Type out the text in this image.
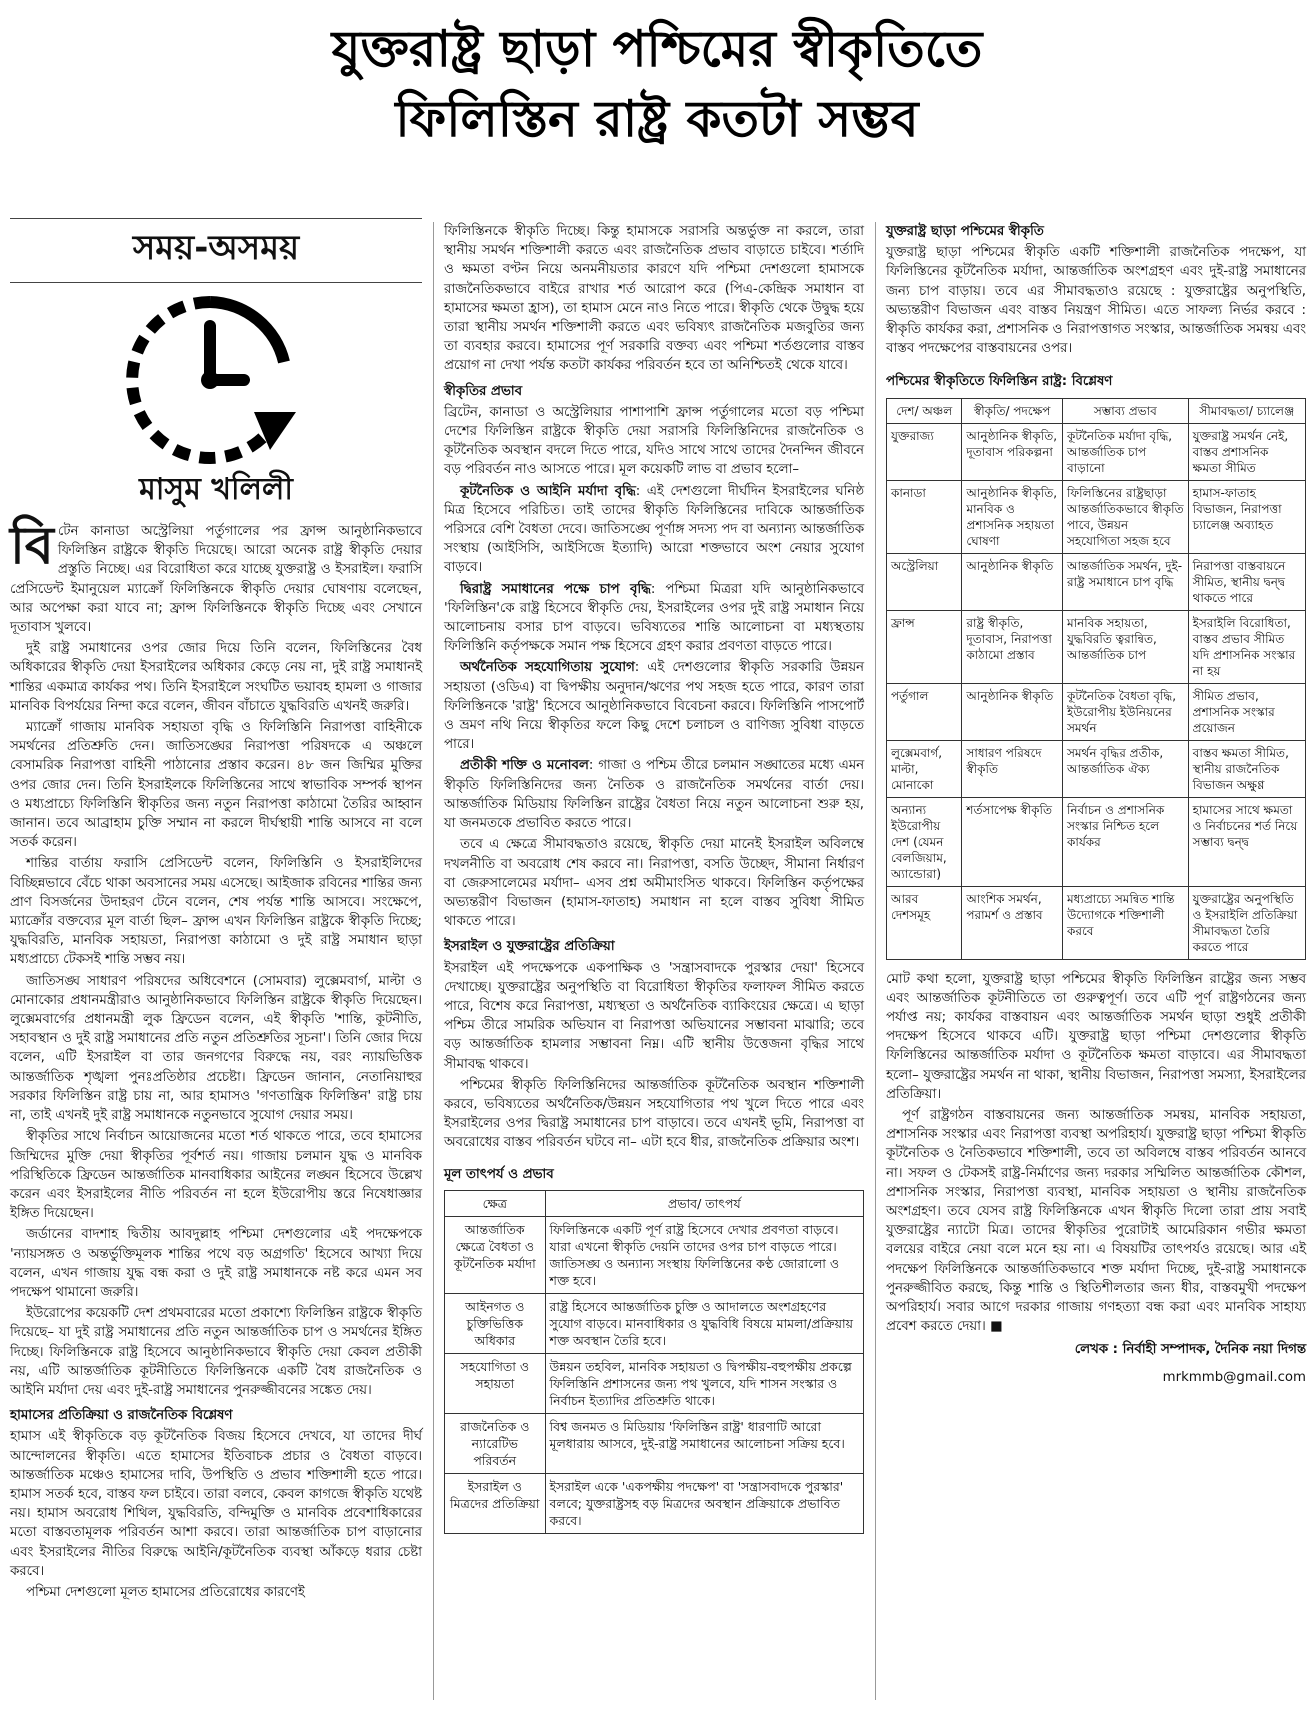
যুক্তরাষ্ট্র ছাড়া পশ্চিমের স্বীকৃতিতে
ফিলিস্তিন রাষ্ট্র কতটা সম্ভব
সময়-অসময়
মাসুম খলিলী

বিটেন কানাডা অস্ট্রেলিয়া পর্তুগালের পর ফ্রান্স আনুষ্ঠানিকভাবে ফিলিস্তিন রাষ্ট্রকে স্বীকৃতি দিয়েছে। আরো অনেক রাষ্ট্র স্বীকৃতি দেয়ার প্রস্তুতি নিচ্ছে। এর বিরোধিতা করে যাচ্ছে যুক্তরাষ্ট্র ও ইসরাইল। ফরাসি প্রেসিডেন্ট ইমানুয়েল ম্যাক্রোঁ ফিলিস্তিনকে স্বীকৃতি দেয়ার ঘোষণায় বলেছেন, আর অপেক্ষা করা যাবে না; ফ্রান্স ফিলিস্তিনকে স্বীকৃতি দিচ্ছে এবং সেখানে দূতাবাস খুলবে।

দুই রাষ্ট্র সমাধানের ওপর জোর দিয়ে তিনি বলেন, ফিলিস্তিনের বৈধ অধিকারের স্বীকৃতি দেয়া ইসরাইলের অধিকার কেড়ে নেয় না, দুই রাষ্ট্র সমাধানই শান্তির একমাত্র কার্যকর পথ। তিনি ইসরাইলে সংঘটিত ভয়াবহ হামলা ও গাজার মানবিক বিপর্যয়ের নিন্দা করে বলেন, জীবন বাঁচাতে যুদ্ধবিরতি এখনই জরুরি।

ম্যাক্রোঁ গাজায় মানবিক সহায়তা বৃদ্ধি ও ফিলিস্তিনি নিরাপত্তা বাহিনীকে সমর্থনের প্রতিশ্রুতি দেন। জাতিসঙ্ঘের নিরাপত্তা পরিষদকে এ অঞ্চলে বেসামরিক নিরাপত্তা বাহিনী পাঠানোর প্রস্তাব করেন। ৪৮ জন জিম্মির মুক্তির ওপর জোর দেন। তিনি ইসরাইলকে ফিলিস্তিনের সাথে স্বাভাবিক সম্পর্ক স্থাপন ও মধ্যপ্রাচ্যে ফিলিস্তিনি স্বীকৃতির জন্য নতুন নিরাপত্তা কাঠামো তৈরির আহ্বান জানান। তবে আব্রাহাম চুক্তি সম্মান না করলে দীর্ঘস্থায়ী শান্তি আসবে না বলে সতর্ক করেন।

শান্তির বার্তায় ফরাসি প্রেসিডেন্ট বলেন, ফিলিস্তিনি ও ইসরাইলিদের বিচ্ছিন্নভাবে বেঁচে থাকা অবসানের সময় এসেছে। আইজাক রবিনের শান্তির জন্য প্রাণ বিসর্জনের উদাহরণ টেনে বলেন, শেষ পর্যন্ত শান্তি আসবে। সংক্ষেপে, ম্যাক্রোঁর বক্তব্যের মূল বার্তা ছিল– ফ্রান্স এখন ফিলিস্তিন রাষ্ট্রকে স্বীকৃতি দিচ্ছে; যুদ্ধবিরতি, মানবিক সহায়তা, নিরাপত্তা কাঠামো ও দুই রাষ্ট্র সমাধান ছাড়া মধ্যপ্রাচ্যে টেকসই শান্তি সম্ভব নয়।

জাতিসঙ্ঘ সাধারণ পরিষদের অধিবেশনে (সোমবার) লুক্সেমবার্গ, মাল্টা ও মোনাকোর প্রধানমন্ত্রীরাও আনুষ্ঠানিকভাবে ফিলিস্তিন রাষ্ট্রকে স্বীকৃতি দিয়েছেন। লুক্সেমবার্গের প্রধানমন্ত্রী লুক ফ্রিডেন বলেন, এই স্বীকৃতি 'শান্তি, কূটনীতি, সহাবস্থান ও দুই রাষ্ট্র সমাধানের প্রতি নতুন প্রতিশ্রুতির সূচনা'। তিনি জোর দিয়ে বলেন, এটি ইসরাইল বা তার জনগণের বিরুদ্ধে নয়, বরং ন্যায়ভিত্তিক আন্তর্জাতিক শৃঙ্খলা পুনঃপ্রতিষ্ঠার প্রচেষ্টা। ফ্রিডেন জানান, নেতানিয়াহুর সরকার ফিলিস্তিন রাষ্ট্র চায় না, আর হামাসও 'গণতান্ত্রিক ফিলিস্তিন' রাষ্ট্র চায় না, তাই এখনই দুই রাষ্ট্র সমাধানকে নতুনভাবে সুযোগ দেয়ার সময়।

স্বীকৃতির সাথে নির্বাচন আয়োজনের মতো শর্ত থাকতে পারে, তবে হামাসের জিম্মিদের মুক্তি দেয়া স্বীকৃতির পূর্বশর্ত নয়। গাজায় চলমান যুদ্ধ ও মানবিক পরিস্থিতিকে ফ্রিডেন আন্তর্জাতিক মানবাধিকার আইনের লঙ্ঘন হিসেবে উল্লেখ করেন এবং ইসরাইলের নীতি পরিবর্তন না হলে ইউরোপীয় স্তরে নিষেধাজ্ঞার ইঙ্গিত দিয়েছেন।

জর্ডানের বাদশাহ দ্বিতীয় আবদুল্লাহ পশ্চিমা দেশগুলোর এই পদক্ষেপকে 'ন্যায়সঙ্গত ও অন্তর্ভুক্তিমূলক শান্তির পথে বড় অগ্রগতি' হিসেবে আখ্যা দিয়ে বলেন, এখন গাজায় যুদ্ধ বন্ধ করা ও দুই রাষ্ট্র সমাধানকে নষ্ট করে এমন সব পদক্ষেপ থামানো জরুরি।

ইউরোপের কয়েকটি দেশ প্রথমবারের মতো প্রকাশ্যে ফিলিস্তিন রাষ্ট্রকে স্বীকৃতি দিয়েছে– যা দুই রাষ্ট্র সমাধানের প্রতি নতুন আন্তর্জাতিক চাপ ও সমর্থনের ইঙ্গিত দিচ্ছে। ফিলিস্তিনকে রাষ্ট্র হিসেবে আনুষ্ঠানিকভাবে স্বীকৃতি দেয়া কেবল প্রতীকী নয়, এটি আন্তর্জাতিক কূটনীতিতে ফিলিস্তিনকে একটি বৈধ রাজনৈতিক ও আইনি মর্যাদা দেয় এবং দুই-রাষ্ট্র সমাধানের পুনরুজ্জীবনের সঙ্কেত দেয়।

হামাসের প্রতিক্রিয়া ও রাজনৈতিক বিশ্লেষণ

হামাস এই স্বীকৃতিকে বড় কূটনৈতিক বিজয় হিসেবে দেখবে, যা তাদের দীর্ঘ আন্দোলনের স্বীকৃতি। এতে হামাসের ইতিবাচক প্রচার ও বৈধতা বাড়বে। আন্তর্জাতিক মঞ্চেও হামাসের দাবি, উপস্থিতি ও প্রভাব শক্তিশালী হতে পারে। হামাস সতর্ক হবে, বাস্তব ফল চাইবে। তারা বলবে, কেবল কাগজে স্বীকৃতি যথেষ্ট নয়। হামাস অবরোধ শিথিল, যুদ্ধবিরতি, বন্দিমুক্তি ও মানবিক প্রবেশাধিকারের মতো বাস্তবতামূলক পরিবর্তন আশা করবে। তারা আন্তর্জাতিক চাপ বাড়ানোর এবং ইসরাইলের নীতির বিরুদ্ধে আইনি/কূটনৈতিক ব্যবস্থা আঁকড়ে ধরার চেষ্টা করবে।

পশ্চিমা দেশগুলো মূলত হামাসের প্রতিরোধের কারণেই

ফিলিস্তিনকে স্বীকৃতি দিচ্ছে। কিন্তু হামাসকে সরাসরি অন্তর্ভুক্ত না করলে, তারা স্থানীয় সমর্থন শক্তিশালী করতে এবং রাজনৈতিক প্রভাব বাড়াতে চাইবে। শর্তাদি ও ক্ষমতা বণ্টন নিয়ে অনমনীয়তার কারণে যদি পশ্চিমা দেশগুলো হামাসকে রাজনৈতিকভাবে বাইরে রাখার শর্ত আরোপ করে (পিএ-কেন্দ্রিক সমাধান বা হামাসের ক্ষমতা হ্রাস), তা হামাস মেনে নাও নিতে পারে। স্বীকৃতি থেকে উদ্বুদ্ধ হয়ে তারা স্থানীয় সমর্থন শক্তিশালী করতে এবং ভবিষ্যৎ রাজনৈতিক মজবুতির জন্য তা ব্যবহার করবে। হামাসের পূর্ণ সরকারি বক্তব্য এবং পশ্চিমা শর্তগুলোর বাস্তব প্রয়োগ না দেখা পর্যন্ত কতটা কার্যকর পরিবর্তন হবে তা অনিশ্চিতই থেকে যাবে।

স্বীকৃতির প্রভাব

ব্রিটেন, কানাডা ও অস্ট্রেলিয়ার পাশাপাশি ফ্রান্স পর্তুগালের মতো বড় পশ্চিমা দেশের ফিলিস্তিন রাষ্ট্রকে স্বীকৃতি দেয়া সরাসরি ফিলিস্তিনিদের রাজনৈতিক ও কূটনৈতিক অবস্থান বদলে দিতে পারে, যদিও সাথে সাথে তাদের দৈনন্দিন জীবনে বড় পরিবর্তন নাও আসতে পারে। মূল কয়েকটি লাভ বা প্রভাব হলো–

কূটনৈতিক ও আইনি মর্যাদা বৃদ্ধি: এই দেশগুলো দীর্ঘদিন ইসরাইলের ঘনিষ্ঠ মিত্র হিসেবে পরিচিত। তাই তাদের স্বীকৃতি ফিলিস্তিনের দাবিকে আন্তর্জাতিক পরিসরে বেশি বৈধতা দেবে। জাতিসঙ্ঘে পূর্ণাঙ্গ সদস্য পদ বা অন্যান্য আন্তর্জাতিক সংস্থায় (আইসিসি, আইসিজে ইত্যাদি) আরো শক্তভাবে অংশ নেয়ার সুযোগ বাড়বে।

দ্বিরাষ্ট্র সমাধানের পক্ষে চাপ বৃদ্ধি: পশ্চিমা মিত্ররা যদি আনুষ্ঠানিকভাবে 'ফিলিস্তিন'কে রাষ্ট্র হিসেবে স্বীকৃতি দেয়, ইসরাইলের ওপর দুই রাষ্ট্র সমাধান নিয়ে আলোচনায় বসার চাপ বাড়বে। ভবিষ্যতের শান্তি আলোচনা বা মধ্যস্থতায় ফিলিস্তিনি কর্তৃপক্ষকে সমান পক্ষ হিসেবে গ্রহণ করার প্রবণতা বাড়তে পারে।

অর্থনৈতিক সহযোগিতায় সুযোগ: এই দেশগুলোর স্বীকৃতি সরকারি উন্নয়ন সহায়তা (ওডিএ) বা দ্বিপক্ষীয় অনুদান/ঋণের পথ সহজ হতে পারে, কারণ তারা ফিলিস্তিনকে 'রাষ্ট্র' হিসেবে আনুষ্ঠানিকভাবে বিবেচনা করবে। ফিলিস্তিনি পাসপোর্ট ও ভ্রমণ নথি নিয়ে স্বীকৃতির ফলে কিছু দেশে চলাচল ও বাণিজ্য সুবিধা বাড়তে পারে।

প্রতীকী শক্তি ও মনোবল: গাজা ও পশ্চিম তীরে চলমান সঙ্ঘাতের মধ্যে এমন স্বীকৃতি ফিলিস্তিনিদের জন্য নৈতিক ও রাজনৈতিক সমর্থনের বার্তা দেয়। আন্তর্জাতিক মিডিয়ায় ফিলিস্তিন রাষ্ট্রের বৈধতা নিয়ে নতুন আলোচনা শুরু হয়, যা জনমতকে প্রভাবিত করতে পারে।

তবে এ ক্ষেত্রে সীমাবদ্ধতাও রয়েছে, স্বীকৃতি দেয়া মানেই ইসরাইল অবিলম্বে দখলনীতি বা অবরোধ শেষ করবে না। নিরাপত্তা, বসতি উচ্ছেদ, সীমানা নির্ধারণ বা জেরুসালেমের মর্যাদা– এসব প্রশ্ন অমীমাংসিত থাকবে। ফিলিস্তিন কর্তৃপক্ষের অভ্যন্তরীণ বিভাজন (হামাস-ফাতাহ) সমাধান না হলে বাস্তব সুবিধা সীমিত থাকতে পারে।

ইসরাইল ও যুক্তরাষ্ট্রের প্রতিক্রিয়া

ইসরাইল এই পদক্ষেপকে একপাক্ষিক ও 'সন্ত্রাসবাদকে পুরস্কার দেয়া' হিসেবে দেখাচ্ছে। যুক্তরাষ্ট্রের অনুপস্থিতি বা বিরোধিতা স্বীকৃতির ফলাফল সীমিত করতে পারে, বিশেষ করে নিরাপত্তা, মধ্যস্থতা ও অর্থনৈতিক ব্যাকিংয়ের ক্ষেত্রে। এ ছাড়া পশ্চিম তীরে সামরিক অভিযান বা নিরাপত্তা অভিযানের সম্ভাবনা মাঝারি; তবে বড় আন্তর্জাতিক হামলার সম্ভাবনা নিম্ন। এটি স্থানীয় উত্তেজনা বৃদ্ধির সাথে সীমাবদ্ধ থাকবে।

পশ্চিমের স্বীকৃতি ফিলিস্তিনিদের আন্তর্জাতিক কূটনৈতিক অবস্থান শক্তিশালী করবে, ভবিষ্যতের অর্থনৈতিক/উন্নয়ন সহযোগিতার পথ খুলে দিতে পারে এবং ইসরাইলের ওপর দ্বিরাষ্ট্র সমাধানের চাপ বাড়াবে। তবে এখনই ভূমি, নিরাপত্তা বা অবরোধের বাস্তব পরিবর্তন ঘটবে না– এটা হবে ধীর, রাজনৈতিক প্রক্রিয়ার অংশ।

মূল তাৎপর্য ও প্রভাব
ক্ষেত্র	প্রভাব/ তাৎপর্য
আন্তর্জাতিক ক্ষেত্রে বৈধতা ও কূটনৈতিক মর্যাদা	ফিলিস্তিনকে একটি পূর্ণ রাষ্ট্র হিসেবে দেখার প্রবণতা বাড়বে। যারা এখনো স্বীকৃতি দেয়নি তাদের ওপর চাপ বাড়তে পারে। জাতিসঙ্ঘ ও অন্যান্য সংস্থায় ফিলিস্তিনের কণ্ঠ জোরালো ও শক্ত হবে।
আইনগত ও চুক্তিভিত্তিক অধিকার	রাষ্ট্র হিসেবে আন্তর্জাতিক চুক্তি ও আদালতে অংশগ্রহণের সুযোগ বাড়বে। মানবাধিকার ও যুদ্ধবিধি বিষয়ে মামলা/প্রক্রিয়ায় শক্ত অবস্থান তৈরি হবে।
সহযোগিতা ও সহায়তা	উন্নয়ন তহবিল, মানবিক সহায়তা ও দ্বিপক্ষীয়-বহুপক্ষীয় প্রকল্পে ফিলিস্তিনি প্রশাসনের জন্য পথ খুলবে, যদি শাসন সংস্কার ও নির্বাচন ইত্যাদির প্রতিশ্রুতি থাকে।
রাজনৈতিক ও ন্যারেটিভ পরিবর্তন	বিশ্ব জনমত ও মিডিয়ায় 'ফিলিস্তিন রাষ্ট্র' ধারণাটি আরো মূলধারায় আসবে, দুই-রাষ্ট্র সমাধানের আলোচনা সক্রিয় হবে।
ইসরাইল ও মিত্রদের প্রতিক্রিয়া	ইসরাইল একে 'একপক্ষীয় পদক্ষেপ' বা 'সন্ত্রাসবাদকে পুরস্কার' বলবে; যুক্তরাষ্ট্রসহ বড় মিত্রদের অবস্থান প্রক্রিয়াকে প্রভাবিত করবে।
যুক্তরাষ্ট্র ছাড়া পশ্চিমের স্বীকৃতি

যুক্তরাষ্ট্র ছাড়া পশ্চিমের স্বীকৃতি একটি শক্তিশালী রাজনৈতিক পদক্ষেপ, যা ফিলিস্তিনের কূটনৈতিক মর্যাদা, আন্তর্জাতিক অংশগ্রহণ এবং দুই-রাষ্ট্র সমাধানের জন্য চাপ বাড়ায়। তবে এর সীমাবদ্ধতাও রয়েছে : যুক্তরাষ্ট্রের অনুপস্থিতি, অভ্যন্তরীণ বিভাজন এবং বাস্তব নিয়ন্ত্রণ সীমিত। এতে সাফল্য নির্ভর করবে : স্বীকৃতি কার্যকর করা, প্রশাসনিক ও নিরাপত্তাগত সংস্কার, আন্তর্জাতিক সমন্বয় এবং বাস্তব পদক্ষেপের বাস্তবায়নের ওপর।

পশ্চিমের স্বীকৃতিতে ফিলিস্তিন রাষ্ট্র: বিশ্লেষণ
দেশ/ অঞ্চল	স্বীকৃতি/ পদক্ষেপ	সম্ভাব্য প্রভাব	সীমাবদ্ধতা/ চ্যালেঞ্জ
যুক্তরাজ্য	আনুষ্ঠানিক স্বীকৃতি, দূতাবাস পরিকল্পনা	কূটনৈতিক মর্যাদা বৃদ্ধি, আন্তর্জাতিক চাপ বাড়ানো	যুক্তরাষ্ট্র সমর্থন নেই, বাস্তব প্রশাসনিক ক্ষমতা সীমিত
কানাডা	আনুষ্ঠানিক স্বীকৃতি, মানবিক ও প্রশাসনিক সহায়তা ঘোষণা	ফিলিস্তিনের রাষ্ট্রছাড়া আন্তর্জাতিকভাবে স্বীকৃতি পাবে, উন্নয়ন সহযোগিতা সহজ হবে	হামাস-ফাতাহ বিভাজন, নিরাপত্তা চ্যালেঞ্জ অব্যাহত
অস্ট্রেলিয়া	আনুষ্ঠানিক স্বীকৃতি	আন্তর্জাতিক সমর্থন, দুই-রাষ্ট্র সমাধানে চাপ বৃদ্ধি	নিরাপত্তা বাস্তবায়নে সীমিত, স্থানীয় দ্বন্দ্ব থাকতে পারে
ফ্রান্স	রাষ্ট্র স্বীকৃতি, দূতাবাস, নিরাপত্তা কাঠামো প্রস্তাব	মানবিক সহায়তা, যুদ্ধবিরতি ত্বরান্বিত, আন্তর্জাতিক চাপ	ইসরাইলি বিরোধিতা, বাস্তব প্রভাব সীমিত যদি প্রশাসনিক সংস্কার না হয়
পর্তুগাল	আনুষ্ঠানিক স্বীকৃতি	কূটনৈতিক বৈধতা বৃদ্ধি, ইউরোপীয় ইউনিয়নের সমর্থন	সীমিত প্রভাব, প্রশাসনিক সংস্কার প্রয়োজন
লুক্সেমবার্গ, মাল্টা, মোনাকো	সাধারণ পরিষদে স্বীকৃতি	সমর্থন বৃদ্ধির প্রতীক, আন্তর্জাতিক ঐক্য	বাস্তব ক্ষমতা সীমিত, স্থানীয় রাজনৈতিক বিভাজন অক্ষুণ্ণ
অন্যান্য ইউরোপীয় দেশ (যেমন বেলজিয়াম, অ্যান্ডোরা)	শর্তসাপেক্ষ স্বীকৃতি	নির্বাচন ও প্রশাসনিক সংস্কার নিশ্চিত হলে কার্যকর	হামাসের সাথে ক্ষমতা ও নির্বাচনের শর্ত নিয়ে সম্ভাব্য দ্বন্দ্ব
আরব দেশসমূহ	আংশিক সমর্থন, পরামর্শ ও প্রস্তাব	মধ্যপ্রাচ্যে সমন্বিত শান্তি উদ্যোগকে শক্তিশালী করবে	যুক্তরাষ্ট্রের অনুপস্থিতি ও ইসরাইলি প্রতিক্রিয়া সীমাবদ্ধতা তৈরি করতে পারে

মোট কথা হলো, যুক্তরাষ্ট্র ছাড়া পশ্চিমের স্বীকৃতি ফিলিস্তিন রাষ্ট্রের জন্য সম্ভব এবং আন্তর্জাতিক কূটনীতিতে তা গুরুত্বপূর্ণ। তবে এটি পূর্ণ রাষ্ট্রগঠনের জন্য পর্যাপ্ত নয়; কার্যকর বাস্তবায়ন এবং আন্তর্জাতিক সমর্থন ছাড়া শুধুই প্রতীকী পদক্ষেপ হিসেবে থাকবে এটি। যুক্তরাষ্ট্র ছাড়া পশ্চিমা দেশগুলোর স্বীকৃতি ফিলিস্তিনের আন্তর্জাতিক মর্যাদা ও কূটনৈতিক ক্ষমতা বাড়াবে। এর সীমাবদ্ধতা হলো– যুক্তরাষ্ট্রের সমর্থন না থাকা, স্থানীয় বিভাজন, নিরাপত্তা সমস্যা, ইসরাইলের প্রতিক্রিয়া।

পূর্ণ রাষ্ট্রগঠন বাস্তবায়নের জন্য আন্তর্জাতিক সমন্বয়, মানবিক সহায়তা, প্রশাসনিক সংস্কার এবং নিরাপত্তা ব্যবস্থা অপরিহার্য। যুক্তরাষ্ট্র ছাড়া পশ্চিমা স্বীকৃতি কূটনৈতিক ও নৈতিকভাবে শক্তিশালী, তবে তা অবিলম্বে বাস্তব পরিবর্তন আনবে না। সফল ও টেকসই রাষ্ট্র-নির্মাণের জন্য দরকার সম্মিলিত আন্তর্জাতিক কৌশল, প্রশাসনিক সংস্কার, নিরাপত্তা ব্যবস্থা, মানবিক সহায়তা ও স্থানীয় রাজনৈতিক অংশগ্রহণ। তবে যেসব রাষ্ট্র ফিলিস্তিনকে এখন স্বীকৃতি দিলো তারা প্রায় সবাই যুক্তরাষ্ট্রের ন্যাটো মিত্র। তাদের স্বীকৃতির পুরোটাই আমেরিকান গভীর ক্ষমতা বলয়ের বাইরে নেয়া বলে মনে হয় না। এ বিষয়টির তাৎপর্যও রয়েছে। আর এই পদক্ষেপ ফিলিস্তিনকে আন্তর্জাতিকভাবে শক্ত মর্যাদা দিচ্ছে, দুই-রাষ্ট্র সমাধানকে পুনরুজ্জীবিত করছে, কিন্তু শান্তি ও স্থিতিশীলতার জন্য ধীর, বাস্তবমুখী পদক্ষেপ অপরিহার্য। সবার আগে দরকার গাজায় গণহত্যা বন্ধ করা এবং মানবিক সাহায্য প্রবেশ করতে দেয়া। ■

লেখক : নির্বাহী সম্পাদক, দৈনিক নয়া দিগন্ত

mrkmmb@gmail.com
